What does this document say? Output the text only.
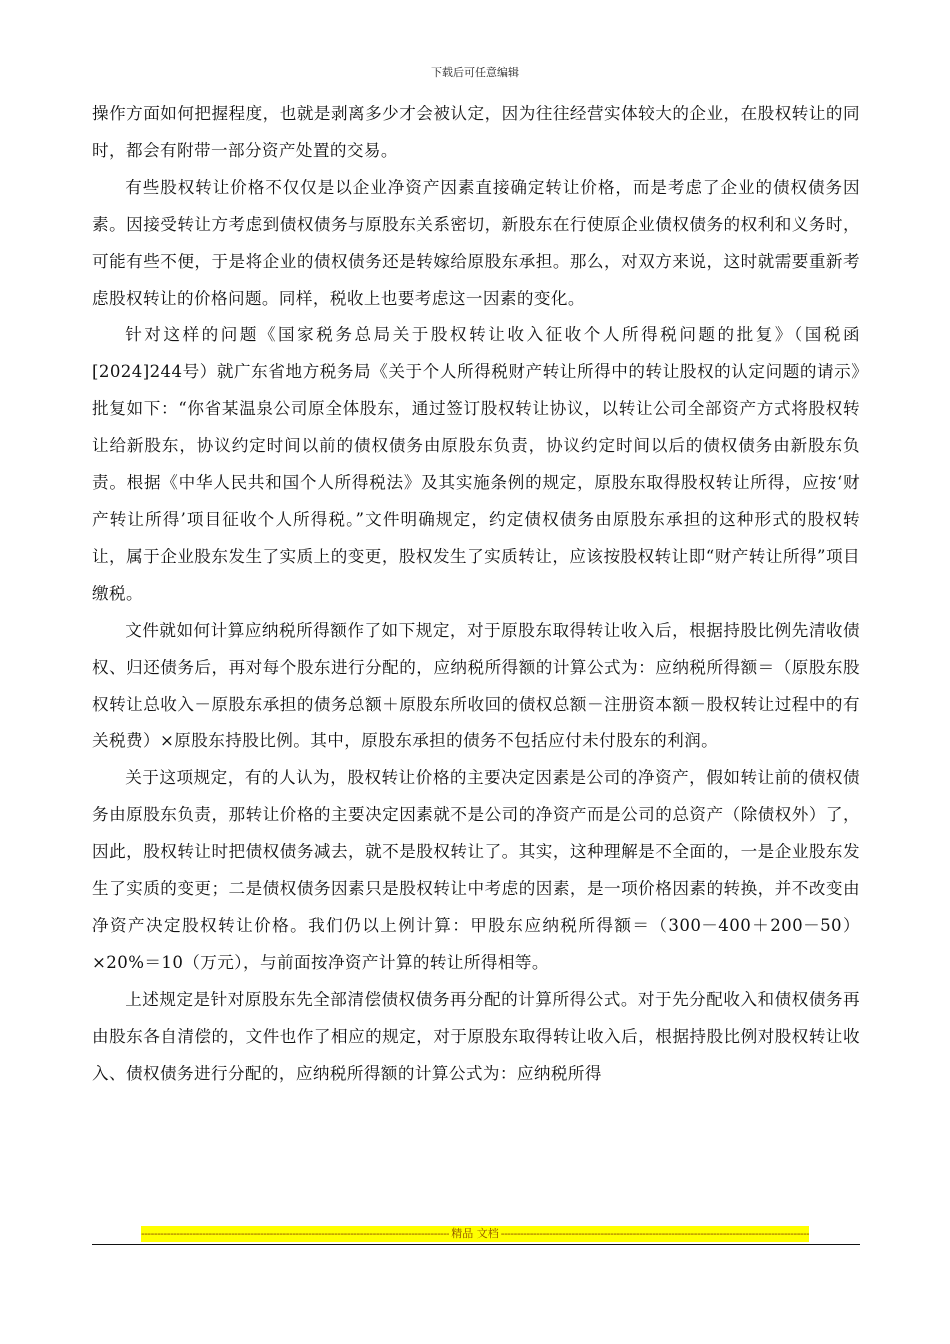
下载后可任意编辑

操作方面如何把握程度，也就是剥离多少才会被认定，因为往往经营实体较大的企业，在股权转让的同时，都会有附带一部分资产处置的交易。

有些股权转让价格不仅仅是以企业净资产因素直接确定转让价格，而是考虑了企业的债权债务因素。因接受转让方考虑到债权债务与原股东关系密切，新股东在行使原企业债权债务的权利和义务时，可能有些不便，于是将企业的债权债务还是转嫁给原股东承担。那么，对双方来说，这时就需要重新考虑股权转让的价格问题。同样，税收上也要考虑这一因素的变化。

针对这样的问题《国家税务总局关于股权转让收入征收个人所得税问题的批复》（国税函[2024]244号）就广东省地方税务局《关于个人所得税财产转让所得中的转让股权的认定问题的请示》批复如下：“你省某温泉公司原全体股东，通过签订股权转让协议，以转让公司全部资产方式将股权转让给新股东，协议约定时间以前的债权债务由原股东负责，协议约定时间以后的债权债务由新股东负责。根据《中华人民共和国个人所得税法》及其实施条例的规定，原股东取得股权转让所得，应按‘财产转让所得’项目征收个人所得税。”文件明确规定，约定债权债务由原股东承担的这种形式的股权转让，属于企业股东发生了实质上的变更，股权发生了实质转让，应该按股权转让即“财产转让所得”项目缴税。

文件就如何计算应纳税所得额作了如下规定，对于原股东取得转让收入后，根据持股比例先清收债权、归还债务后，再对每个股东进行分配的，应纳税所得额的计算公式为：应纳税所得额＝（原股东股权转让总收入－原股东承担的债务总额＋原股东所收回的债权总额－注册资本额－股权转让过程中的有关税费）×原股东持股比例。其中，原股东承担的债务不包括应付未付股东的利润。

关于这项规定，有的人认为，股权转让价格的主要决定因素是公司的净资产，假如转让前的债权债务由原股东负责，那转让价格的主要决定因素就不是公司的净资产而是公司的总资产（除债权外）了，因此，股权转让时把债权债务减去，就不是股权转让了。其实，这种理解是不全面的，一是企业股东发生了实质的变更；二是债权债务因素只是股权转让中考虑的因素，是一项价格因素的转换，并不改变由净资产决定股权转让价格。我们仍以上例计算：甲股东应纳税所得额＝（300－400＋200－50）×20%＝10（万元），与前面按净资产计算的转让所得相等。

上述规定是针对原股东先全部清偿债权债务再分配的计算所得公式。对于先分配收入和债权债务再由股东各自清偿的，文件也作了相应的规定，对于原股东取得转让收入后，根据持股比例对股权转让收入、债权债务进行分配的，应纳税所得额的计算公式为：应纳税所得

-----
精品 文档
-----
